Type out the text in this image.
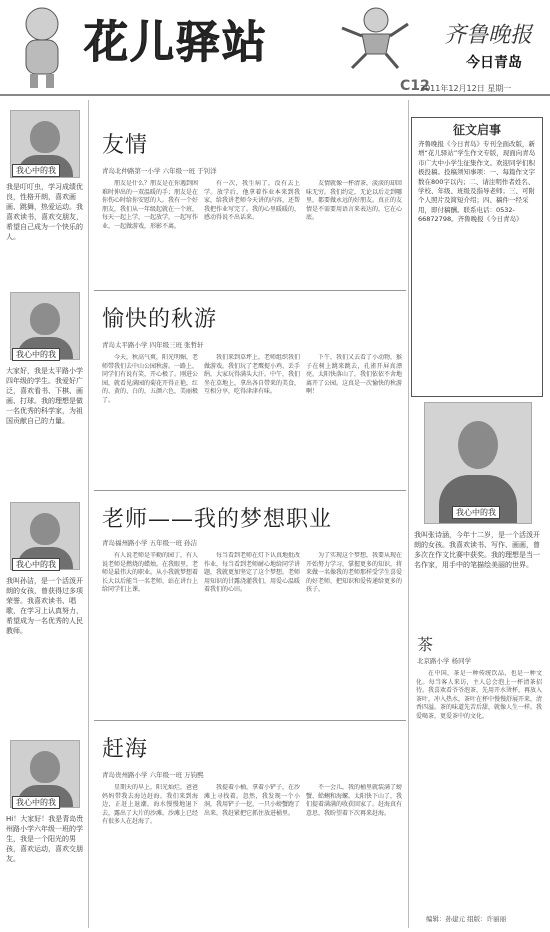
花儿驿站	齐鲁晚报
今日青岛
C12
2011年12月12日 星期一
我心中的我
我是叮叮虫，学习成绩优良，性格开朗，喜欢画画、跳舞，热爱运动。我喜欢读书，喜欢交朋友，希望自己成为一个快乐的人。
我心中的我
大家好，我是太平路小学四年级的学生。我爱好广泛，喜欢看书、下棋、画画、打球。我的理想是做一名优秀的科学家，为祖国贡献自己的力量。
我心中的我
我叫孙洁，是一个活泼开朗的女孩，曾获得过多项荣誉。我喜欢读书、唱歌，在学习上认真努力，希望成为一名优秀的人民教师。
我心中的我
Hi！大家好！我是青岛贵州路小学六年级一班的学生，我是一个阳光的男孩，喜欢运动，喜欢交朋友。
友情
青岛北仲路第一小学 六年级一班 于钊洋

朋友是什么？朋友是在你遇到困难时伸出的一双温暖的手；朋友是在你伤心时给你安慰的人。我有一个好朋友，我们从一年级起就在一个班，每天一起上学，一起放学，一起写作业，一起做游戏，形影不离。

有一次，我生病了，没有去上学。放学后，他拿着作业本来到我家，给我讲老师今天讲的内容，还帮我把作业写完了。我的心里暖暖的，感动得说不出话来。

友情就像一杯清茶，淡淡的却回味无穷。我们约定，无论以后走到哪里，都要做永远的好朋友。真正的友情是不需要用语言来表达的，它在心底。

愉快的秋游
青岛太平路小学 四年级三班 张哲轩

今天，秋高气爽，阳光明媚，老师带我们去中山公园秋游。一路上，同学们有说有笑，开心极了。刚进公园，就看见满园的菊花开得正艳，红的、黄的、白的，五颜六色，美丽极了。

我们来到草坪上，老师组织我们做游戏。我们玩了老鹰捉小鸡、丢手绢，大家玩得满头大汗。中午，我们坐在草地上，拿出各自带来的美食，互相分享，吃得津津有味。

下午，我们又去看了小动物，猴子在树上跳来跳去，孔雀开屏真漂亮。太阳快落山了，我们依依不舍地离开了公园。这真是一次愉快的秋游啊！

老师——我的梦想职业
青岛福州路小学 五年级一班 孙洁

有人说老师是辛勤的园丁，有人说老师是燃烧的蜡烛。在我眼里，老师是最伟大的职业。从小我就梦想着长大以后能当一名老师，站在讲台上给同学们上课。

每当看到老师在灯下认真地批改作业，每当看到老师耐心地给同学讲题，我就更加坚定了这个梦想。老师用知识的甘露浇灌我们，用爱心温暖着我们的心田。

为了实现这个梦想，我要从现在开始努力学习，掌握更多的知识，将来做一名像我的老师那样受学生喜爱的好老师，把知识和爱传递给更多的孩子。

赶海
青岛贵州路小学 六年级一班 万钧熙

星期天的早上，阳光灿烂，爸爸妈妈带我去海边赶海。我们来到海边，正赶上退潮，海水慢慢地退下去，露出了大片的沙滩。沙滩上已经有很多人在赶海了。

我提着小桶，拿着小铲子，在沙滩上寻找着。忽然，我发现一个小洞，我用铲子一挖，一只小螃蟹跑了出来，我赶紧把它抓住放进桶里。

不一会儿，我的桶里就装满了螃蟹、蛤蜊和海螺。太阳快下山了，我们提着满满的收获回家了。赶海真有意思，我盼望着下次再来赶海。

征文启事
齐鲁晚报《今日青岛》专刊全面改版，新增“花儿驿站”学生作文专版，现面向青岛市广大中小学生征集作文。欢迎同学们积极投稿。投稿须知事项：一、每篇作文字数在800字以内；二、请注明作者姓名、学校、年级、班级及指导老师；三、可附个人照片及简短介绍；四、稿件一经采用，即付稿酬。联系电话：0532-66872798。齐鲁晚报《今日青岛》
我心中的我
我叫张诗涵，今年十二岁，是一个活泼开朗的女孩。我喜欢读书、写作、画画，曾多次在作文比赛中获奖。我的理想是当一名作家，用手中的笔描绘美丽的世界。
茶
北京路小学 杨同学

在中国，茶是一种传统饮品，也是一种文化。每当客人来访，主人总会泡上一杯清茶招待。我喜欢看爷爷泡茶，先用开水烫杯，再放入茶叶，冲入热水，茶叶在杯中慢慢舒展开来，清香四溢。茶的味道先苦后甜，就像人生一样。我爱喝茶，更爱茶中的文化。

编辑：孙建元 组版：许丽丽
